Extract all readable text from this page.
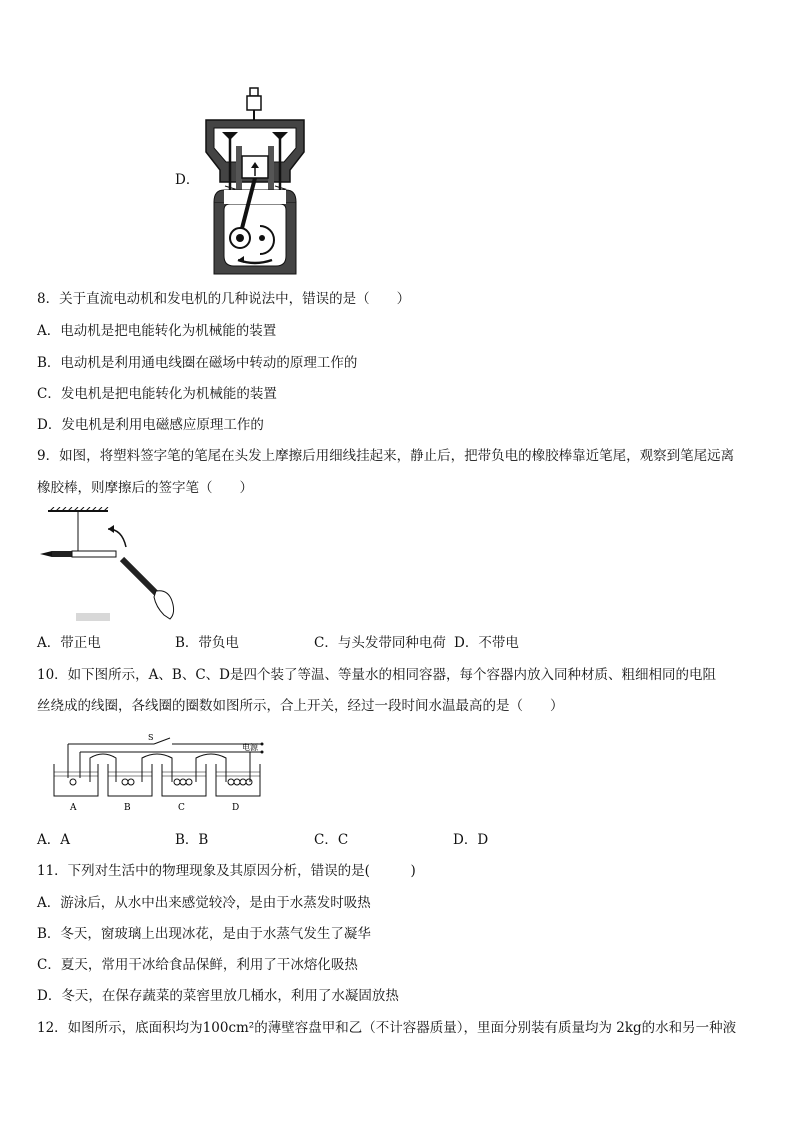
D．
8．关于直流电动机和发电机的几种说法中，错误的是（　　）
A．电动机是把电能转化为机械能的装置
B．电动机是利用通电线圈在磁场中转动的原理工作的
C．发电机是把电能转化为机械能的装置
D．发电机是利用电磁感应原理工作的
9．如图，将塑料签字笔的笔尾在头发上摩擦后用细线挂起来，静止后，把带负电的橡胶棒靠近笔尾，观察到笔尾远离
橡胶棒，则摩擦后的签字笔（　　）
A．带正电	B．带负电	C．与头发带同种电荷 D．不带电
10．如下图所示，A、B、C、D是四个装了等温、等量水的相同容器，每个容器内放入同种材质、粗细相同的电阻
丝绕成的线圈，各线圈的圈数如图所示，合上开关，经过一段时间水温最高的是（　　）
S
电源
A	B	C	D
A．A	B．B	C．C	D．D
11．下列对生活中的物理现象及其原因分析，错误的是(　　　)
A．游泳后，从水中出来感觉较冷，是由于水蒸发时吸热
B．冬天，窗玻璃上出现冰花，是由于水蒸气发生了凝华
C．夏天，常用干冰给食品保鲜，利用了干冰熔化吸热
D．冬天，在保存蔬菜的菜窖里放几桶水，利用了水凝固放热
12．如图所示，底面积均为100cm²的薄壁容盘甲和乙（不计容器质量），里面分别装有质量均为 2kg的水和另一种液
